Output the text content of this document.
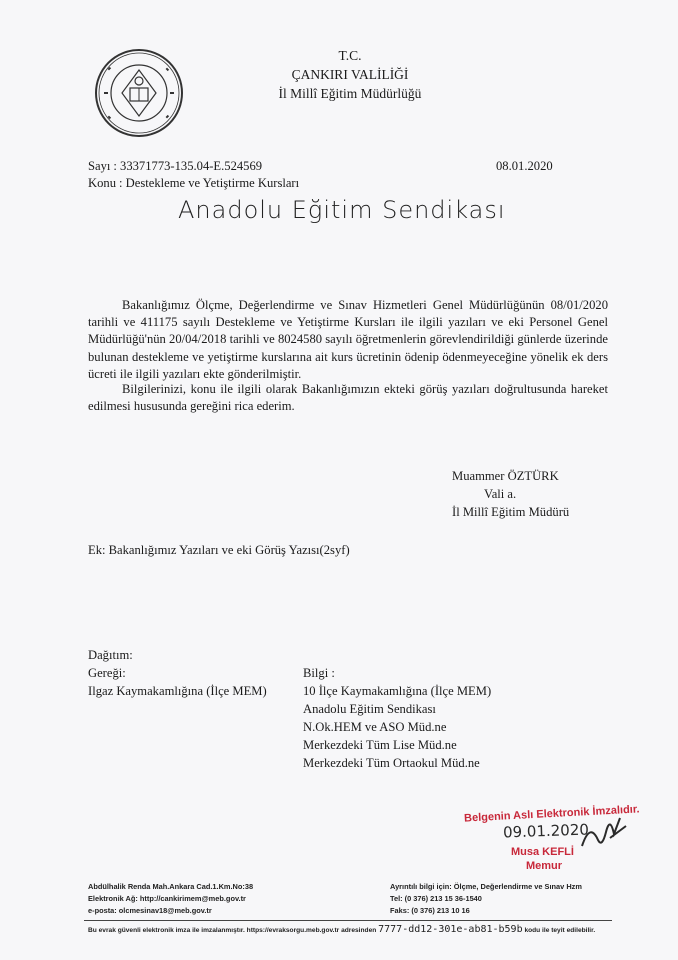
T.C.
ÇANKIRI VALİLİĞİ
İl Millî Eğitim Müdürlüğü
Sayı : 33371773-135.04-E.524569	08.01.2020
Konu : Destekleme ve Yetiştirme Kursları
Anadolu Eğitim Sendikası
Bakanlığımız Ölçme, Değerlendirme ve Sınav Hizmetleri Genel Müdürlüğünün 08/01/2020 tarihli ve 411175 sayılı Destekleme ve Yetiştirme Kursları ile ilgili yazıları ve eki Personel Genel Müdürlüğü'nün 20/04/2018 tarihli ve 8024580 sayılı öğretmenlerin görevlendirildiği günlerde üzerinde bulunan destekleme ve yetiştirme kurslarına ait kurs ücretinin ödenip ödenmeyeceğine yönelik ek ders ücreti ile ilgili yazıları ekte gönderilmiştir.
Bilgilerinizi, konu ile ilgili olarak Bakanlığımızın ekteki görüş yazıları doğrultusunda hareket edilmesi hususunda gereğini rica ederim.
Muammer ÖZTÜRK
Vali a.
İl Millî Eğitim Müdürü
Ek: Bakanlığımız Yazıları ve eki Görüş Yazısı(2syf)
Dağıtım:
Gereği:
Ilgaz Kaymakamlığına (İlçe MEM)
Bilgi :
10 İlçe Kaymakamlığına (İlçe MEM)
Anadolu Eğitim Sendikası
N.Ok.HEM ve ASO Müd.ne
Merkezdeki Tüm Lise Müd.ne
Merkezdeki Tüm Ortaokul Müd.ne
Belgenin Aslı Elektronik İmzalıdır.
09.01.2020
Musa KEFLİ
Memur
Abdülhalik Renda Mah.Ankara Cad.1.Km.No:38
Elektronik Ağ: http://cankirimem@meb.gov.tr
e-posta: olcmesinav18@meb.gov.tr
Ayrıntılı bilgi için: Ölçme, Değerlendirme ve Sınav Hzm
Tel: (0 376) 213 15 36-1540
Faks: (0 376) 213 10 16
Bu evrak güvenli elektronik imza ile imzalanmıştır. https://evraksorgu.meb.gov.tr adresinden 7777-dd12-301e-ab81-b59b kodu ile teyit edilebilir.
